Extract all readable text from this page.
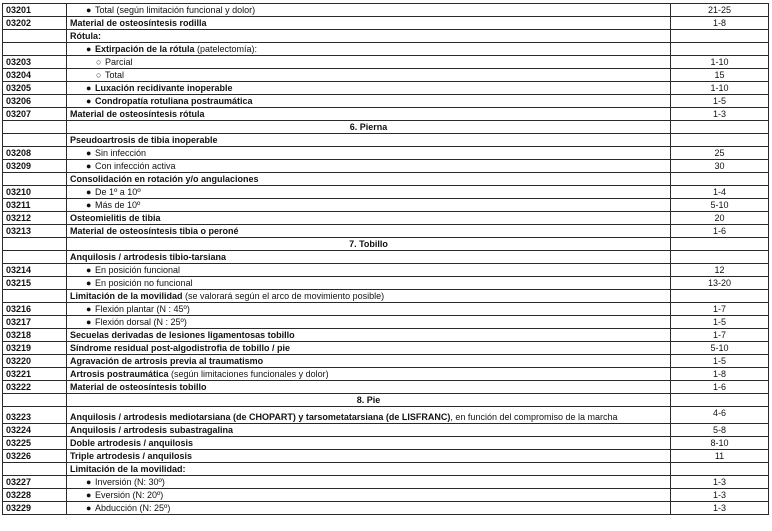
03201	● Total (según limitación funcional y dolor)	21-25
03202	Material de osteosíntesis rodilla	1-8
	Rótula:	
	● Extirpación de la rótula (patelectomía):	
03203	○ Parcial	1-10
03204	○ Total	15
03205	● Luxación recidivante inoperable	1-10
03206	● Condropatía rotuliana postraumática	1-5
03207	Material de osteosíntesis rótula	1-3
	6. Pierna	
	Pseudoartrosis de tibia inoperable	
03208	● Sin infección	25
03209	● Con infección activa	30
	Consolidación en rotación y/o angulaciones	
03210	● De 1º a 10º	1-4
03211	● Más de 10º	5-10
03212	Osteomielitis de tibia	20
03213	Material de osteosíntesis tibia o peroné	1-6
	7. Tobillo	
	Anquilosis / artrodesis tibio-tarsiana	
03214	● En posición funcional	12
03215	● En posición no funcional	13-20
	Limitación de la movilidad (se valorará según el arco de movimiento posible)	
03216	● Flexión plantar (N : 45º)	1-7
03217	● Flexión dorsal (N : 25º)	1-5
03218	Secuelas derivadas de lesiones ligamentosas tobillo	1-7
03219	Síndrome residual post-algodistrofia de tobillo / pie	5-10
03220	Agravación de artrosis previa al traumatismo	1-5
03221	Artrosis postraumática (según limitaciones funcionales y dolor)	1-8
03222	Material de osteosíntesis tobillo	1-6
	8. Pie	
03223	Anquilosis / artrodesis mediotarsiana (de CHOPART) y tarsometatarsiana (de LISFRANC), en función del compromiso de la marcha	4-6
03224	Anquilosis / artrodesis subastragalina	5-8
03225	Doble artrodesis / anquilosis	8-10
03226	Triple artrodesis / anquilosis	11
	Limitación de la movilidad:	
03227	● Inversión (N: 30º)	1-3
03228	● Eversión (N: 20º)	1-3
03229	● Abducción (N: 25º)	1-3
